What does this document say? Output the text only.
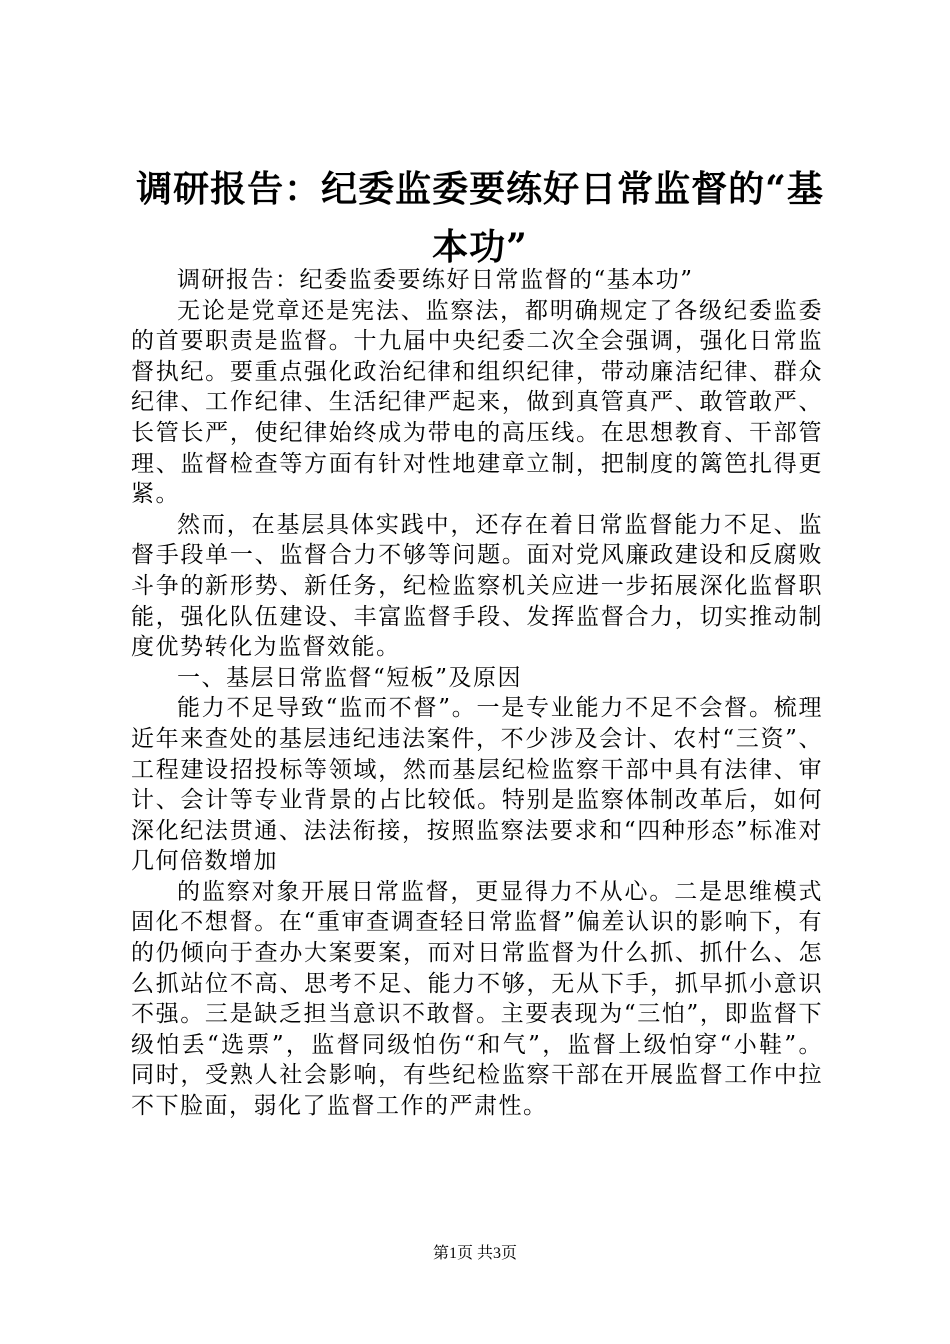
调研报告：纪委监委要练好日常监督的“基本功”

调研报告：纪委监委要练好日常监督的“基本功”

无论是党章还是宪法、监察法，都明确规定了各级纪委监委的首要职责是监督。十九届中央纪委二次全会强调，强化日常监督执纪。要重点强化政治纪律和组织纪律，带动廉洁纪律、群众纪律、工作纪律、生活纪律严起来，做到真管真严、敢管敢严、长管长严，使纪律始终成为带电的高压线。在思想教育、干部管理、监督检查等方面有针对性地建章立制，把制度的篱笆扎得更紧。

然而，在基层具体实践中，还存在着日常监督能力不足、监督手段单一、监督合力不够等问题。面对党风廉政建设和反腐败斗争的新形势、新任务，纪检监察机关应进一步拓展深化监督职能，强化队伍建设、丰富监督手段、发挥监督合力，切实推动制度优势转化为监督效能。

一、基层日常监督“短板”及原因

能力不足导致“监而不督”。一是专业能力不足不会督。梳理近年来查处的基层违纪违法案件，不少涉及会计、农村“三资”、工程建设招投标等领域，然而基层纪检监察干部中具有法律、审计、会计等专业背景的占比较低。特别是监察体制改革后，如何深化纪法贯通、法法衔接，按照监察法要求和“四种形态”标准对几何倍数增加

的监察对象开展日常监督，更显得力不从心。二是思维模式固化不想督。在“重审查调查轻日常监督”偏差认识的影响下，有的仍倾向于查办大案要案，而对日常监督为什么抓、抓什么、怎么抓站位不高、思考不足、能力不够，无从下手，抓早抓小意识不强。三是缺乏担当意识不敢督。主要表现为“三怕”，即监督下级怕丢“选票”，监督同级怕伤“和气”，监督上级怕穿“小鞋”。同时，受熟人社会影响，有些纪检监察干部在开展监督工作中拉不下脸面，弱化了监督工作的严肃性。

第1页 共3页
